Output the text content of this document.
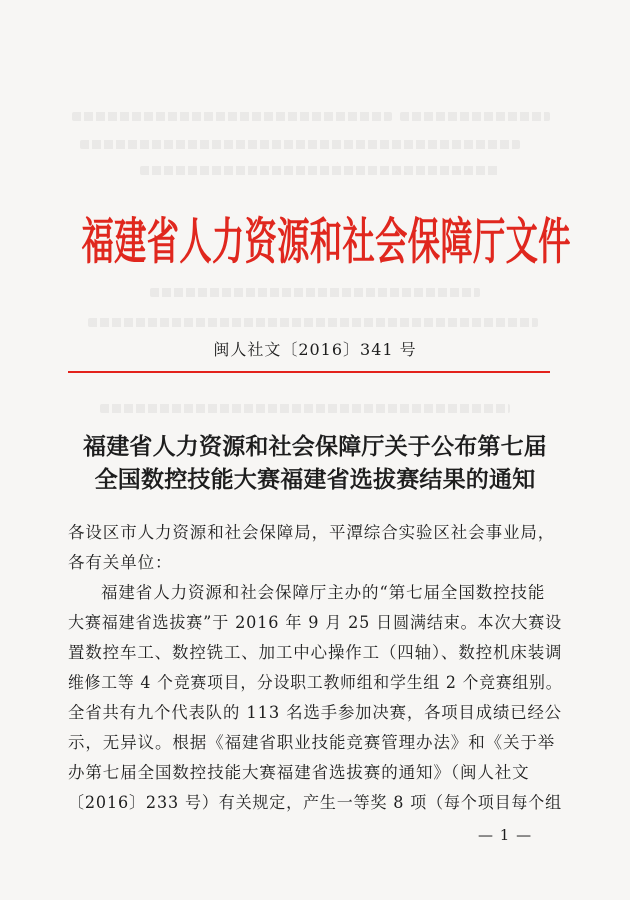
福建省人力资源和社会保障厅文件
闽人社文〔2016〕341 号
福建省人力资源和社会保障厅关于公布第七届
全国数控技能大赛福建省选拔赛结果的通知
各设区市人力资源和社会保障局，平潭综合实验区社会事业局，
各有关单位：
福建省人力资源和社会保障厅主办的“第七届全国数控技能
大赛福建省选拔赛”于 2016 年 9 月 25 日圆满结束。本次大赛设
置数控车工、数控铣工、加工中心操作工（四轴）、数控机床装调
维修工等 4 个竞赛项目，分设职工教师组和学生组 2 个竞赛组别。
全省共有九个代表队的 113 名选手参加决赛，各项目成绩已经公
示，无异议。根据《福建省职业技能竞赛管理办法》和《关于举
办第七届全国数控技能大赛福建省选拔赛的通知》（闽人社文
〔2016〕233 号）有关规定，产生一等奖 8 项（每个项目每个组
— 1 —
